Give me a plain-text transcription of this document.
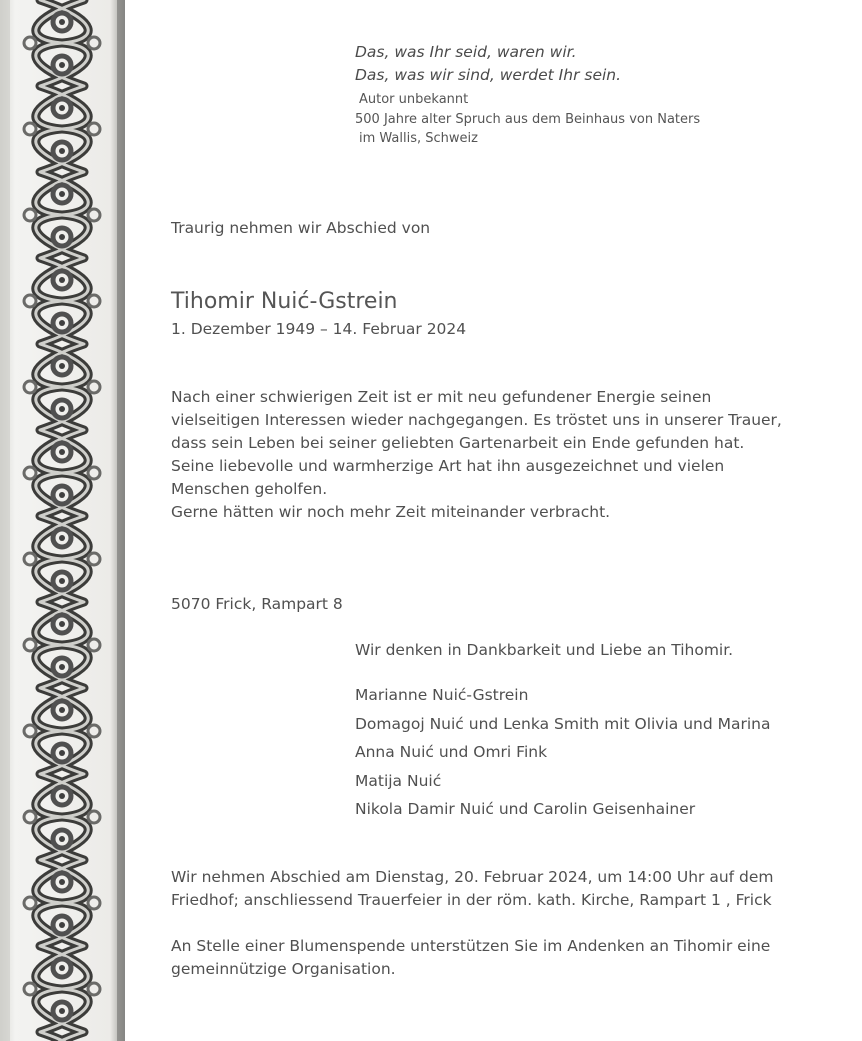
Das, was Ihr seid, waren wir.

Das, was wir sind, werdet Ihr sein.

Autor unbekannt

500 Jahre alter Spruch aus dem Beinhaus von Naters

im Wallis, Schweiz

Traurig nehmen wir Abschied von

Tihomir Nuić-Gstrein

1. Dezember 1949 – 14. Februar 2024

Nach einer schwierigen Zeit ist er mit neu gefundener Energie seinen
vielseitigen Interessen wieder nachgegangen. Es tröstet uns in unserer Trauer,
dass sein Leben bei seiner geliebten Gartenarbeit ein Ende gefunden hat.
Seine liebevolle und warmherzige Art hat ihn ausgezeichnet und vielen
Menschen geholfen.
Gerne hätten wir noch mehr Zeit miteinander verbracht.

5070 Frick, Rampart 8

Wir denken in Dankbarkeit und Liebe an Tihomir.

Marianne Nuić-Gstrein
Domagoj Nuić und Lenka Smith mit Olivia und Marina
Anna Nuić und Omri Fink
Matija Nuić
Nikola Damir Nuić und Carolin Geisenhainer
Wir nehmen Abschied am Dienstag, 20. Februar 2024, um 14:00 Uhr auf dem
Friedhof; anschliessend Trauerfeier in der röm. kath. Kirche, Rampart 1 , Frick
An Stelle einer Blumenspende unterstützen Sie im Andenken an Tihomir eine
gemeinnützige Organisation.
